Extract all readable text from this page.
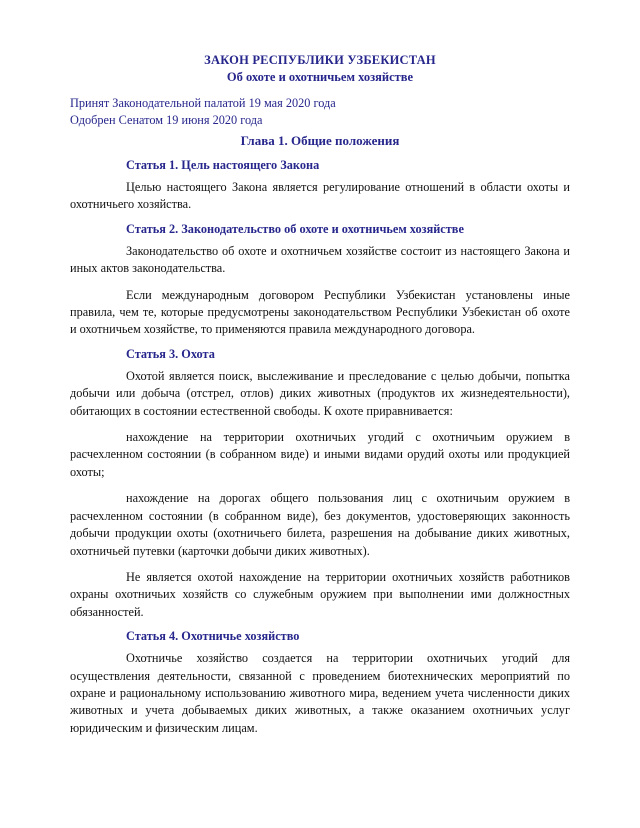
ЗАКОН РЕСПУБЛИКИ УЗБЕКИСТАН
Об охоте и охотничьем хозяйстве

Принят Законодательной палатой 19 мая 2020 года

Одобрен Сенатом 19 июня 2020 года

Глава 1. Общие положения
Статья 1. Цель настоящего Закона

Целью настоящего Закона является регулирование отношений в области охоты и охотничьего хозяйства.

Статья 2. Законодательство об охоте и охотничьем хозяйстве

Законодательство об охоте и охотничьем хозяйстве состоит из настоящего Закона и иных актов законодательства.

Если международным договором Республики Узбекистан установлены иные правила, чем те, которые предусмотрены законодательством Республики Узбекистан об охоте и охотничьем хозяйстве, то применяются правила международного договора.

Статья 3. Охота

Охотой является поиск, выслеживание и преследование с целью добычи, попытка добычи или добыча (отстрел, отлов) диких животных (продуктов их жизнедеятельности), обитающих в состоянии естественной свободы. К охоте приравнивается:

нахождение на территории охотничьих угодий с охотничьим оружием в расчехленном состоянии (в собранном виде) и иными видами орудий охоты или продукцией охоты;

нахождение на дорогах общего пользования лиц с охотничьим оружием в расчехленном состоянии (в собранном виде), без документов, удостоверяющих законность добычи продукции охоты (охотничьего билета, разрешения на добывание диких животных, охотничьей путевки (карточки добычи диких животных).

Не является охотой нахождение на территории охотничьих хозяйств работников охраны охотничьих хозяйств со служебным оружием при выполнении ими должностных обязанностей.

Статья 4. Охотничье хозяйство

Охотничье хозяйство создается на территории охотничьих угодий для осуществления деятельности, связанной с проведением биотехнических мероприятий по охране и рациональному использованию животного мира, ведением учета численности диких животных и учета добываемых диких животных, а также оказанием охотничьих услуг юридическим и физическим лицам.
